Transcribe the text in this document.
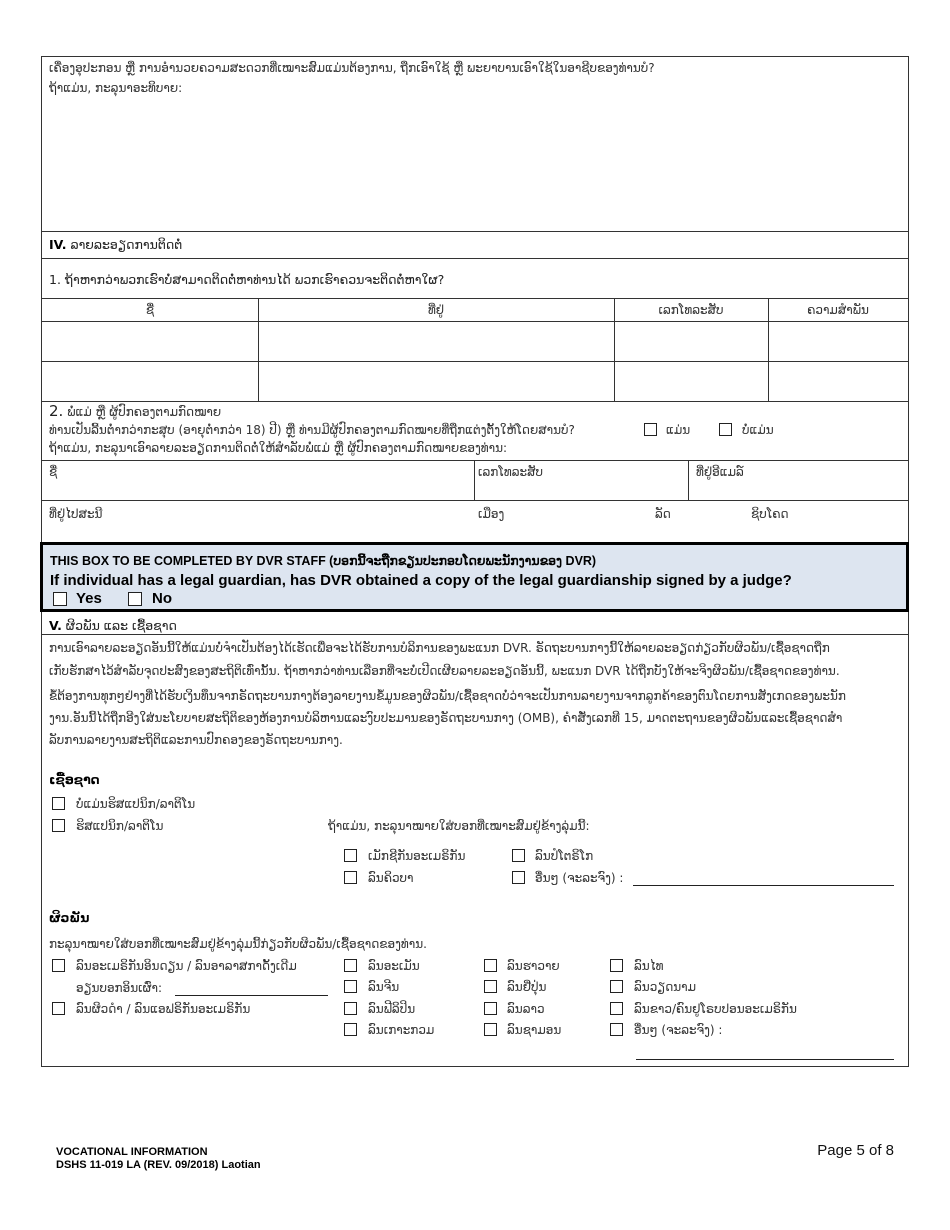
ເຄື່ອງອຸປະກອນ ຫຼື ການອໍານວຍຄວາມສະດວກທີ່ເໝາະສົມແມ່ນຕ້ອງການ, ຖືກເອົາໃຊ້ ຫຼື ພະຍາບານເອົາໃຊ້ໃນອາຊີບຂອງທ່ານບໍ?
ຖ້າແມ່ນ, ກະລຸນາອະທິບາຍ:
IV. ລາຍລະອຽດການຕິດຕໍ່
1. ຖ້າຫາກວ່າພວກເຮົາບໍ່ສາມາດຕິດຕໍ່ຫາທ່ານໄດ້ ພວກເຮົາຄວນຈະຕິດຕໍ່ຫາໃຜ?
ຊື່	ທີ່ຢູ່	ເລກໂທລະສັບ	ຄວາມສໍາພັນ
2. ພໍ່ແມ່ ຫຼື ຜູ້ປົກຄອງຕາມກົດໝາຍ
ທ່ານເປັນລີ້ນຕໍ່າກວ່າກະສຸບ (ອາຍຸຕໍ່າກວ່າ 18) ປີ) ຫຼື ທ່ານມີຜູ້ປົກຄອງຕາມກົດໝາຍທີ່ຖືກແຕ່ງຕັ້ງໃຫ້ໂດຍສານບໍ?	ແມ່ນ	ບໍ່ແມ່ນ
ຖ້າແມ່ນ, ກະລຸນາເອົາລາຍລະອຽດການຕິດຕໍ່ໃຫ້ສໍາລັບພໍ່ແມ່ ຫຼື ຜູ້ປົກຄອງຕາມກົດໝາຍຂອງທ່ານ:
ຊື່	ເລກໂທລະສັບ	ທີ່ຢູ່ອີແມລ໌
ທີ່ຢູ່ໄປສະນີ	ເມືອງ	ລັດ	ຊິບໂຄດ
THIS BOX TO BE COMPLETED BY DVR STAFF (ບອກນີ້ຈະຖືກຂຽນປະກອບໂດຍພະນັກງານຂອງ DVR)
If individual has a legal guardian, has DVR obtained a copy of the legal guardianship signed by a judge?
Yes	No
V. ຜິວພັນ ແລະ ເຊື້ອຊາດ
ການເອົາລາຍລະອຽດອັນນີ້ໃຫ້ແມ່ນບໍ່ຈໍາເປັນຕ້ອງໄດ້ເຮັດເພື່ອຈະໄດ້ຮັບການບໍລິການຂອງພະແນກ DVR. ຣັດຖະບານກາງນີ້ໃຫ້ລາຍລະອຽດກ່ຽວກັບຜິວພັນ/ເຊື້ອຊາດຖືກ
ເກັບຮັກສາໄວ້ສໍາລັບຈຸດປະສົງຂອງສະຖິຕິເທົ່ານັ້ນ. ຖ້າຫາກວ່າທ່ານເລືອກທີ່ຈະບໍ່ເປີດເຜີຍລາຍລະອຽດອັນນີ້, ພະແນກ DVR ໄດ້ຖືກບັງໃຫ້ຈະຈິງຜິວພັນ/ເຊື້ອຊາດຂອງທ່ານ.
ຂໍ້ຕ້ອງການທຸກໆຢ່າງທີ່ໄດ້ຮັບເງິນທຶນຈາກຣັດຖະບານກາງຕ້ອງລາຍງານຂໍ້ມູນຂອງຜິວພັນ/ເຊື້ອຊາດບໍ່ວ່າຈະເປັນການລາຍງານຈາກລູກຄ້າຂອງຕົນໂດຍການສັງເກດຂອງພະນັກ
ງານ.ອັນນີ້ໄດ້ຖືກອີງໃສ່ນະໂຍບາຍສະຖິຕິຂອງຫ້ອງການບໍລິຫານແລະງົບປະມານຂອງຣັດຖະບານກາງ (OMB), ຄໍາສັ່ງເລກທີ 15, ມາດຕະຖານຂອງຜິວພັນແລະເຊື້ອຊາດສໍາ
ລັບການລາຍງານສະຖິຕິແລະການປົກຄອງຂອງຣັດຖະບານກາງ.
ເຊື້ອຊາດ
ບໍ່ແມ່ນຮິສແປນິກ/ລາຕິໂນ
ຮິສແປນິກ/ລາຕິໂນ	ຖ້າແມ່ນ, ກະລຸນາໝາຍໃສ່ບອກທີ່ເໝາະສົມຢູ່ຂ້າງລຸ່ມນີ້:
ເມັກຊີກັນອະເມຣິກັນ	ລົນປໍໂຕຣິໂກ
ລົນຄິວບາ	ອື່ນໆ (ຈະລະຈົງ) :
ຜິວພັນ
ກະລຸນາໝາຍໃສ່ບອກທີ່ເໝາະສົມຢູ່ຂ້າງລຸ່ມນີ້ກ່ຽວກັບຜິວພັນ/ເຊື້ອຊາດຂອງທ່ານ.
ລົນອະເມຣິກັນອິນດຽນ / ລົນອາລາສກາດັ້ງເດີມ
ອຽນບອກອິນເຜົ່າ:
ລົນຜິວດໍາ / ລົນແອຟຣິກັນອະເມຣິກັນ
ລົນອະເມັນ
ລົນຈີນ
ລົນຟີລິປິນ
ລົນເກາະກວມ
ລົນຮາວາຍ
ລົນຢີ່ປຸ່ນ
ລົນລາວ
ລົນຊາມອນ
ລົນໄທ
ລົນວຽດນາມ
ລົນຂາວ/ຄົນຢູໂຣບປອນອະເມຣິກັນ
ອື່ນໆ (ຈະລະຈົງ) :
VOCATIONAL INFORMATION
DSHS 11-019 LA (REV. 09/2018) Laotian
Page 5 of 8
